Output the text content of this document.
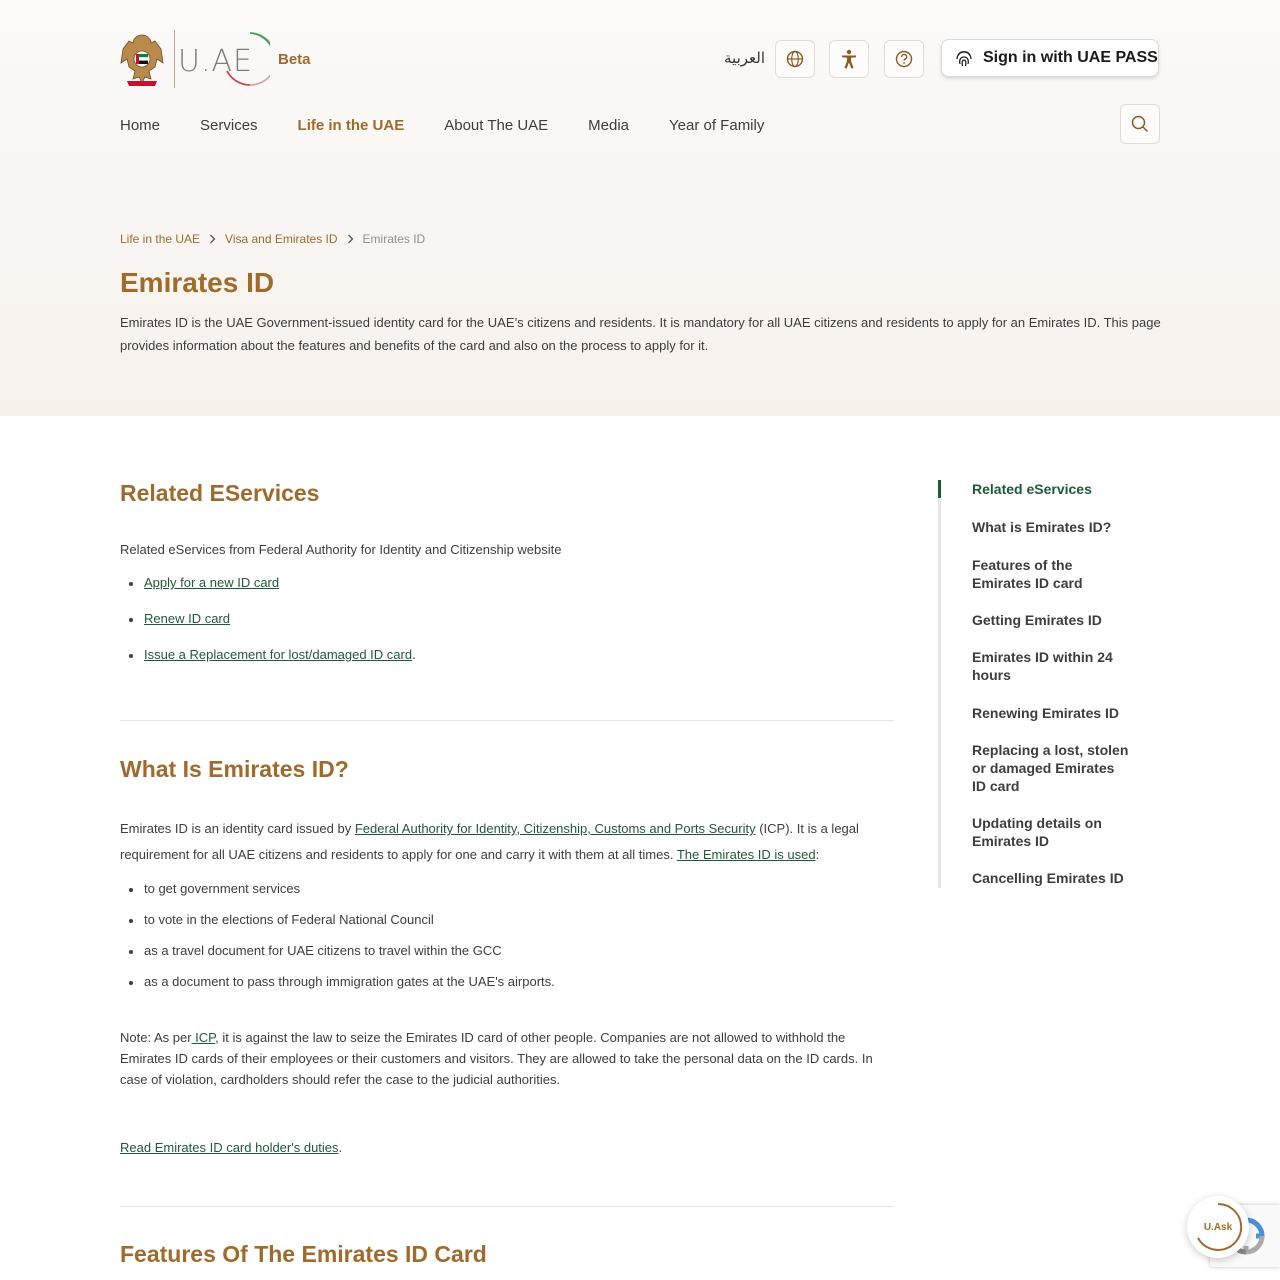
U.AE Beta	العربية	Sign in with UAE PASS
Home	Services	Life in the UAE	About The UAE	Media	Year of Family
Life in the UAE Visa and Emirates ID Emirates ID
Emirates ID

Emirates ID is the UAE Government-issued identity card for the UAE’s citizens and residents. It is mandatory for all UAE citizens and residents to apply for an Emirates ID. This page provides information about the features and benefits of the card and also on the process to apply for it.

Related EServices

Related eServices from Federal Authority for Identity and Citizenship website

Apply for a new ID card
Renew ID card
Issue a Replacement for lost/damaged ID card.
What Is Emirates ID?

Emirates ID is an identity card issued by Federal Authority for Identity, Citizenship, Customs and Ports Security (ICP). It is a legal requirement for all UAE citizens and residents to apply for one and carry it with them at all times. The Emirates ID is used:

to get government services
to vote in the elections of Federal National Council
as a travel document for UAE citizens to travel within the GCC
as a document to pass through immigration gates at the UAE's airports.

Note: As per ICP, it is against the law to seize the Emirates ID card of other people. Companies are not allowed to withhold the Emirates ID cards of their employees or their customers and visitors. They are allowed to take the personal data on the ID cards. In case of violation, cardholders should refer the case to the judicial authorities.

Read Emirates ID card holder's duties.

Features Of The Emirates ID Card
Related eServices
What is Emirates ID?
Features of the Emirates ID card
Getting Emirates ID
Emirates ID within 24 hours
Renewing Emirates ID
Replacing a lost, stolen or damaged Emirates ID card
Updating details on Emirates ID
Cancelling Emirates ID
U.Ask
